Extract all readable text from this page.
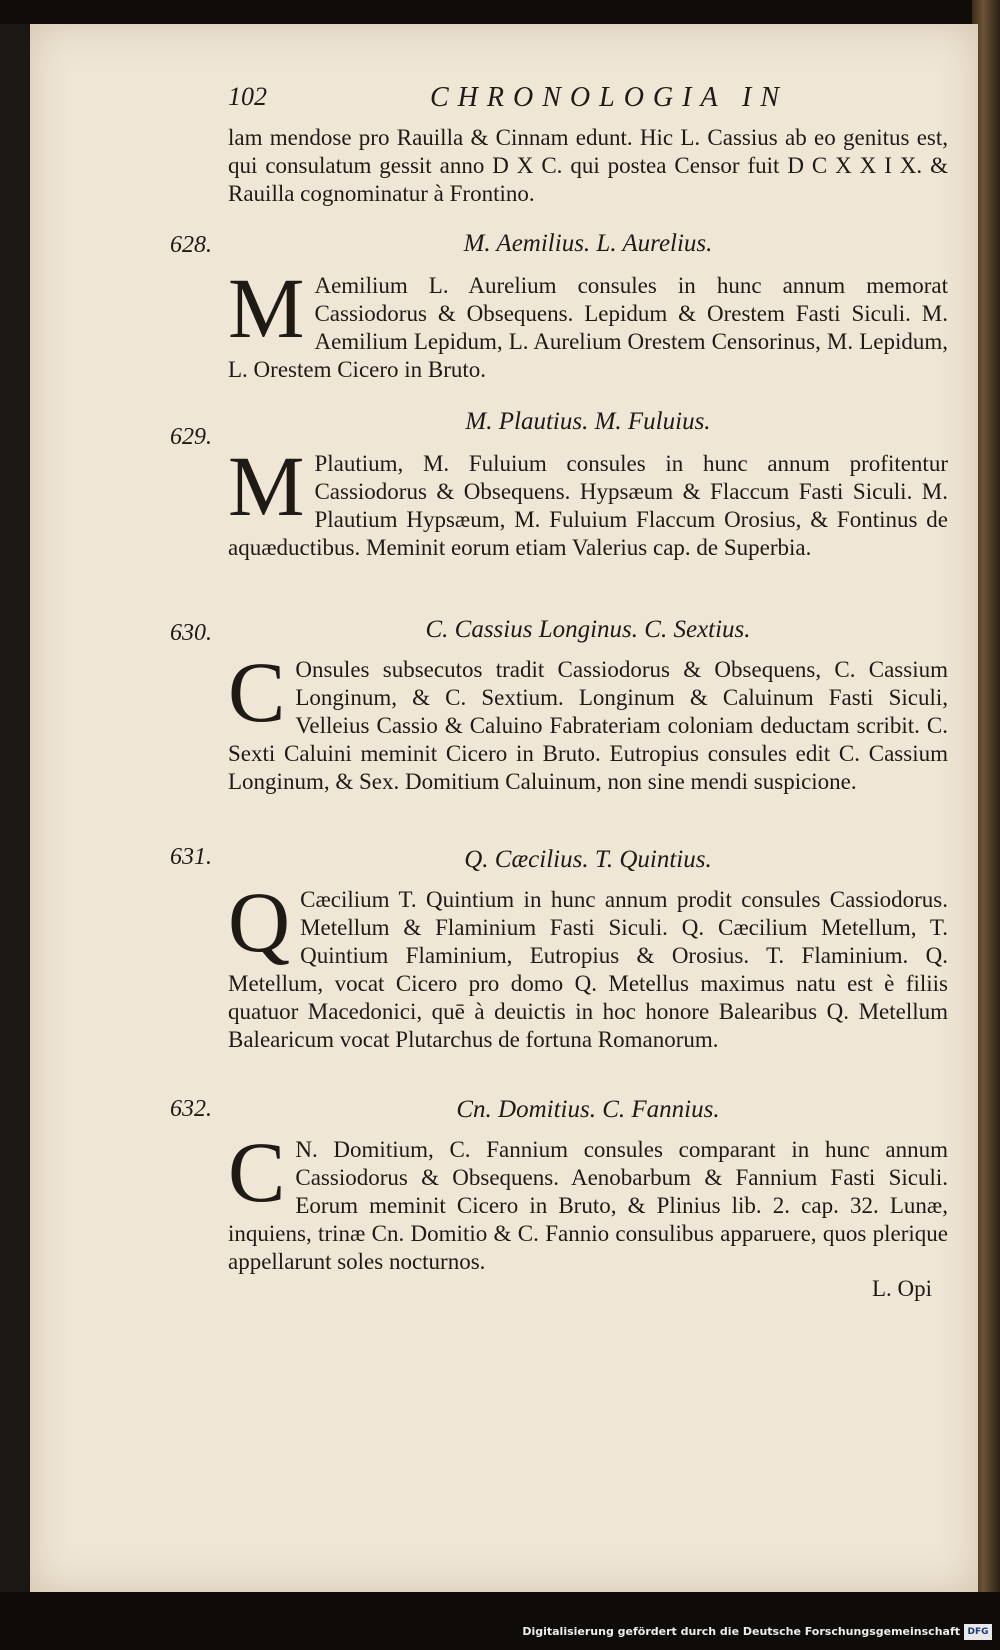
102	CHRONOLOGIA IN
lam mendose pro Rauilla & Cinnam edunt. Hic L. Cassius ab eo genitus est, qui consulatum gessit anno D X C. qui postea Censor fuit D C X X I X. & Rauilla cognominatur à Frontino.
628.	M. Aemilius. L. Aurelius.
M Aemilium L. Aurelium consules in hunc annum memorat Cassiodorus & Obsequens. Lepidum & Orestem Fasti Siculi. M. Aemilium Lepidum, L. Aurelium Orestem Censorinus, M. Lepidum, L. Orestem Cicero in Bruto.
629.
M. Plautius. M. Fuluius.
M Plautium, M. Fuluium consules in hunc annum profitentur Cassiodorus & Obsequens. Hypsæum & Flaccum Fasti Siculi. M. Plautium Hypsæum, M. Fuluium Flaccum Orosius, & Fontinus de aquæductibus. Meminit eorum etiam Valerius cap. de Superbia.
630.	C. Cassius Longinus. C. Sextius.
C Onsules subsecutos tradit Cassiodorus & Obsequens, C. Cassium Longinum, & C. Sextium. Longinum & Caluinum Fasti Siculi, Velleius Cassio & Caluino Fabrateriam coloniam deductam scribit. C. Sexti Caluini meminit Cicero in Bruto. Eutropius consules edit C. Cassium Longinum, & Sex. Domitium Caluinum, non sine mendi suspicione.
631.	Q. Cæcilius. T. Quintius.
Q Cæcilium T. Quintium in hunc annum prodit consules Cassiodorus. Metellum & Flaminium Fasti Siculi. Q. Cæcilium Metellum, T. Quintium Flaminium, Eutropius & Orosius. T. Flaminium. Q. Metellum, vocat Cicero pro domo Q. Metellus maximus natu est è filiis quatuor Macedonici, quē à deuictis in hoc honore Balearibus Q. Metellum Balearicum vocat Plutarchus de fortuna Romanorum.
632.	Cn. Domitius. C. Fannius.
C N. Domitium, C. Fannium consules comparant in hunc annum Cassiodorus & Obsequens. Aenobarbum & Fannium Fasti Siculi. Eorum meminit Cicero in Bruto, & Plinius lib. 2. cap. 32. Lunæ, inquiens, trinæ Cn. Domitio & C. Fannio consulibus apparuere, quos plerique appellarunt soles nocturnos.
L. Opi
Digitalisierung gefördert durch die Deutsche Forschungsgemeinschaft DFG
